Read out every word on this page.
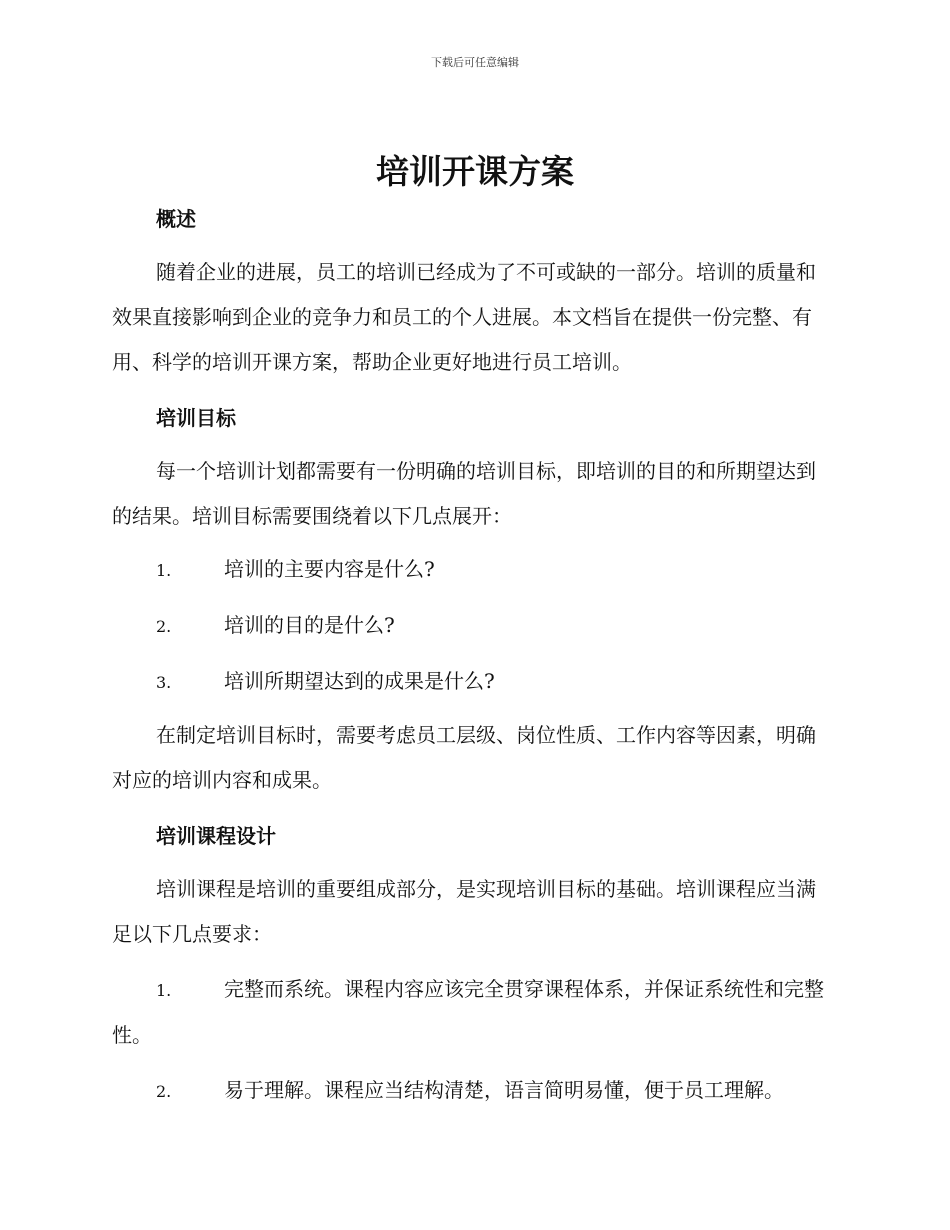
下载后可任意编辑
培训开课方案
概述

随着企业的进展，员工的培训已经成为了不可或缺的一部分。培训的质量和效果直接影响到企业的竞争力和员工的个人进展。本文档旨在提供一份完整、有用、科学的培训开课方案，帮助企业更好地进行员工培训。

培训目标

每一个培训计划都需要有一份明确的培训目标，即培训的目的和所期望达到的结果。培训目标需要围绕着以下几点展开：

1.	培训的主要内容是什么?

2.	培训的目的是什么?

3.	培训所期望达到的成果是什么?

在制定培训目标时，需要考虑员工层级、岗位性质、工作内容等因素，明确对应的培训内容和成果。

培训课程设计

培训课程是培训的重要组成部分，是实现培训目标的基础。培训课程应当满足以下几点要求：

1.	完整而系统。课程内容应该完全贯穿课程体系，并保证系统性和完整性。

2.	易于理解。课程应当结构清楚，语言简明易懂，便于员工理解。
